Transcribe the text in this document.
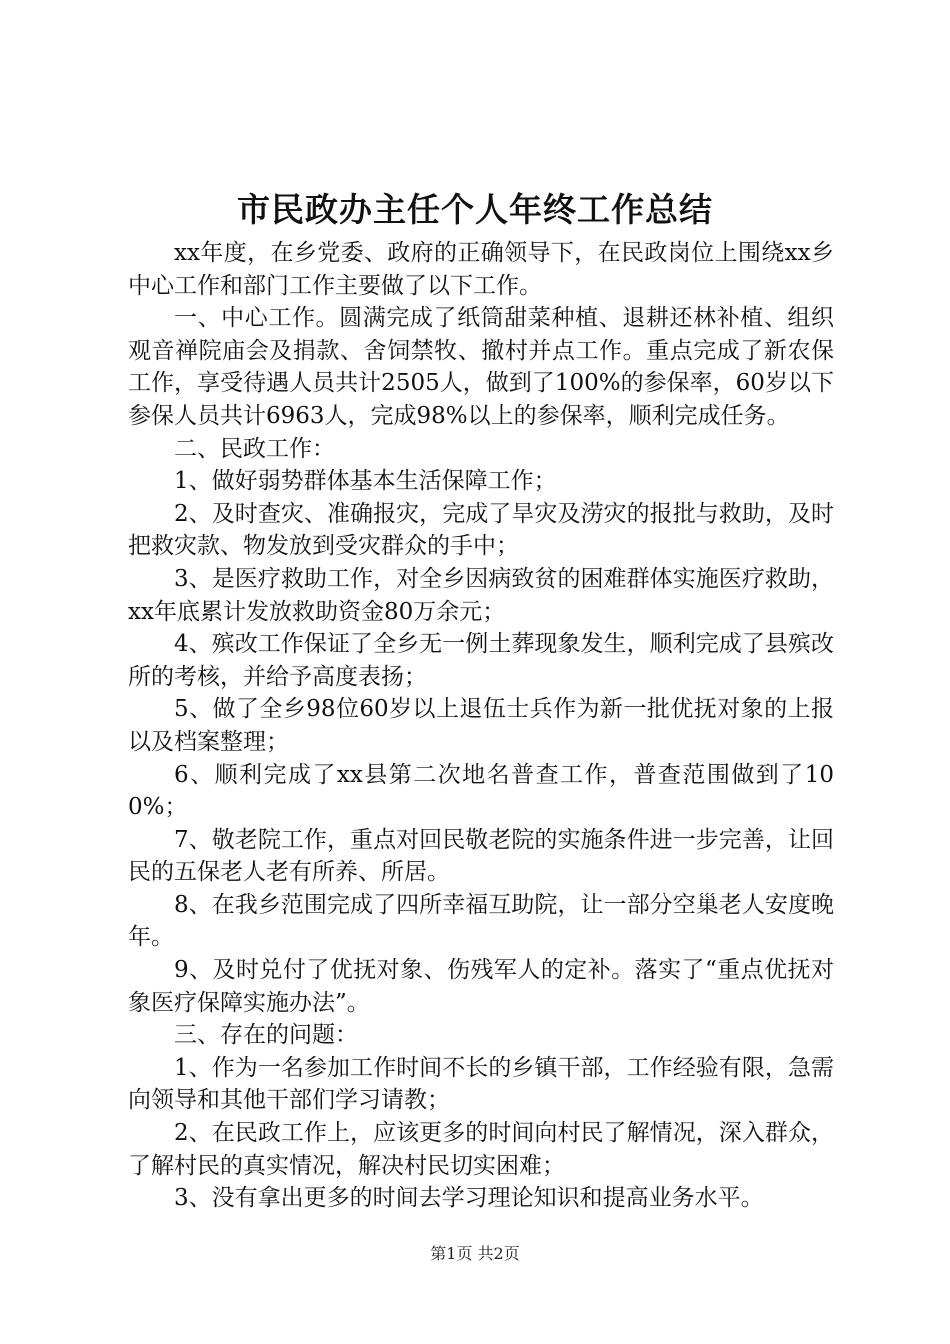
市民政办主任个人年终工作总结

xx年度，在乡党委、政府的正确领导下，在民政岗位上围绕xx乡中心工作和部门工作主要做了以下工作。

一、中心工作。圆满完成了纸筒甜菜种植、退耕还林补植、组织观音禅院庙会及捐款、舍饲禁牧、撤村并点工作。重点完成了新农保工作，享受待遇人员共计2505人，做到了100%的参保率，60岁以下参保人员共计6963人，完成98%以上的参保率，顺利完成任务。

二、民政工作：

1、做好弱势群体基本生活保障工作；

2、及时查灾、准确报灾，完成了旱灾及涝灾的报批与救助，及时把救灾款、物发放到受灾群众的手中；

3、是医疗救助工作，对全乡因病致贫的困难群体实施医疗救助，xx年底累计发放救助资金80万余元；

4、殡改工作保证了全乡无一例土葬现象发生，顺利完成了县殡改所的考核，并给予高度表扬；

5、做了全乡98位60岁以上退伍士兵作为新一批优抚对象的上报以及档案整理；

6、顺利完成了xx县第二次地名普查工作，普查范围做到了100%；

7、敬老院工作，重点对回民敬老院的实施条件进一步完善，让回民的五保老人老有所养、所居。

8、在我乡范围完成了四所幸福互助院，让一部分空巢老人安度晚年。

9、及时兑付了优抚对象、伤残军人的定补。落实了“重点优抚对象医疗保障实施办法”。

三、存在的问题：

1、作为一名参加工作时间不长的乡镇干部，工作经验有限，急需向领导和其他干部们学习请教；

2、在民政工作上，应该更多的时间向村民了解情况，深入群众，了解村民的真实情况，解决村民切实困难；

3、没有拿出更多的时间去学习理论知识和提高业务水平。

第1页 共2页
